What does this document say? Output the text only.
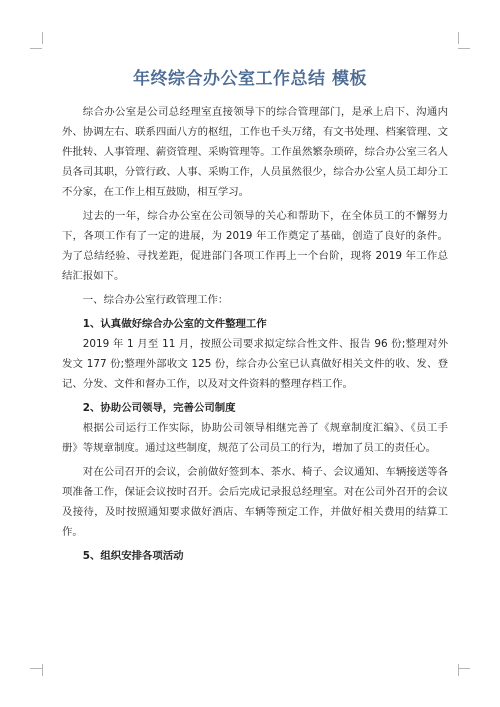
年终综合办公室工作总结 模板

综合办公室是公司总经理室直接领导下的综合管理部门，是承上启下、沟通内外、协调左右、联系四面八方的枢纽，工作也千头万绪，有文书处理、档案管理、文件批转、人事管理、薪资管理、采购管理等。工作虽然繁杂琐碎，综合办公室三名人员各司其职，分管行政、人事、采购工作，人员虽然很少，综合办公室人员工却分工不分家，在工作上相互鼓励，相互学习。

过去的一年，综合办公室在公司领导的关心和帮助下，在全体员工的不懈努力下，各项工作有了一定的进展，为 2019 年工作奠定了基础，创造了良好的条件。为了总结经验、寻找差距，促进部门各项工作再上一个台阶，现将 2019 年工作总结汇报如下。

一、综合办公室行政管理工作：

1、认真做好综合办公室的文件整理工作

2019 年 1 月至 11 月，按照公司要求拟定综合性文件、报告 96 份;整理对外发文 177 份;整理外部收文 125 份，综合办公室已认真做好相关文件的收、发、登记、分发、文件和督办工作，以及对文件资料的整理存档工作。

2、协助公司领导，完善公司制度

根据公司运行工作实际，协助公司领导相继完善了《规章制度汇编》、《员工手册》等规章制度。通过这些制度，规范了公司员工的行为，增加了员工的责任心。

对在公司召开的会议，会前做好签到本、茶水、椅子、会议通知、车辆接送等各项准备工作，保证会议按时召开。会后完成记录报总经理室。对在公司外召开的会议及接待，及时按照通知要求做好酒店、车辆等预定工作，并做好相关费用的结算工作。

5、组织安排各项活动
